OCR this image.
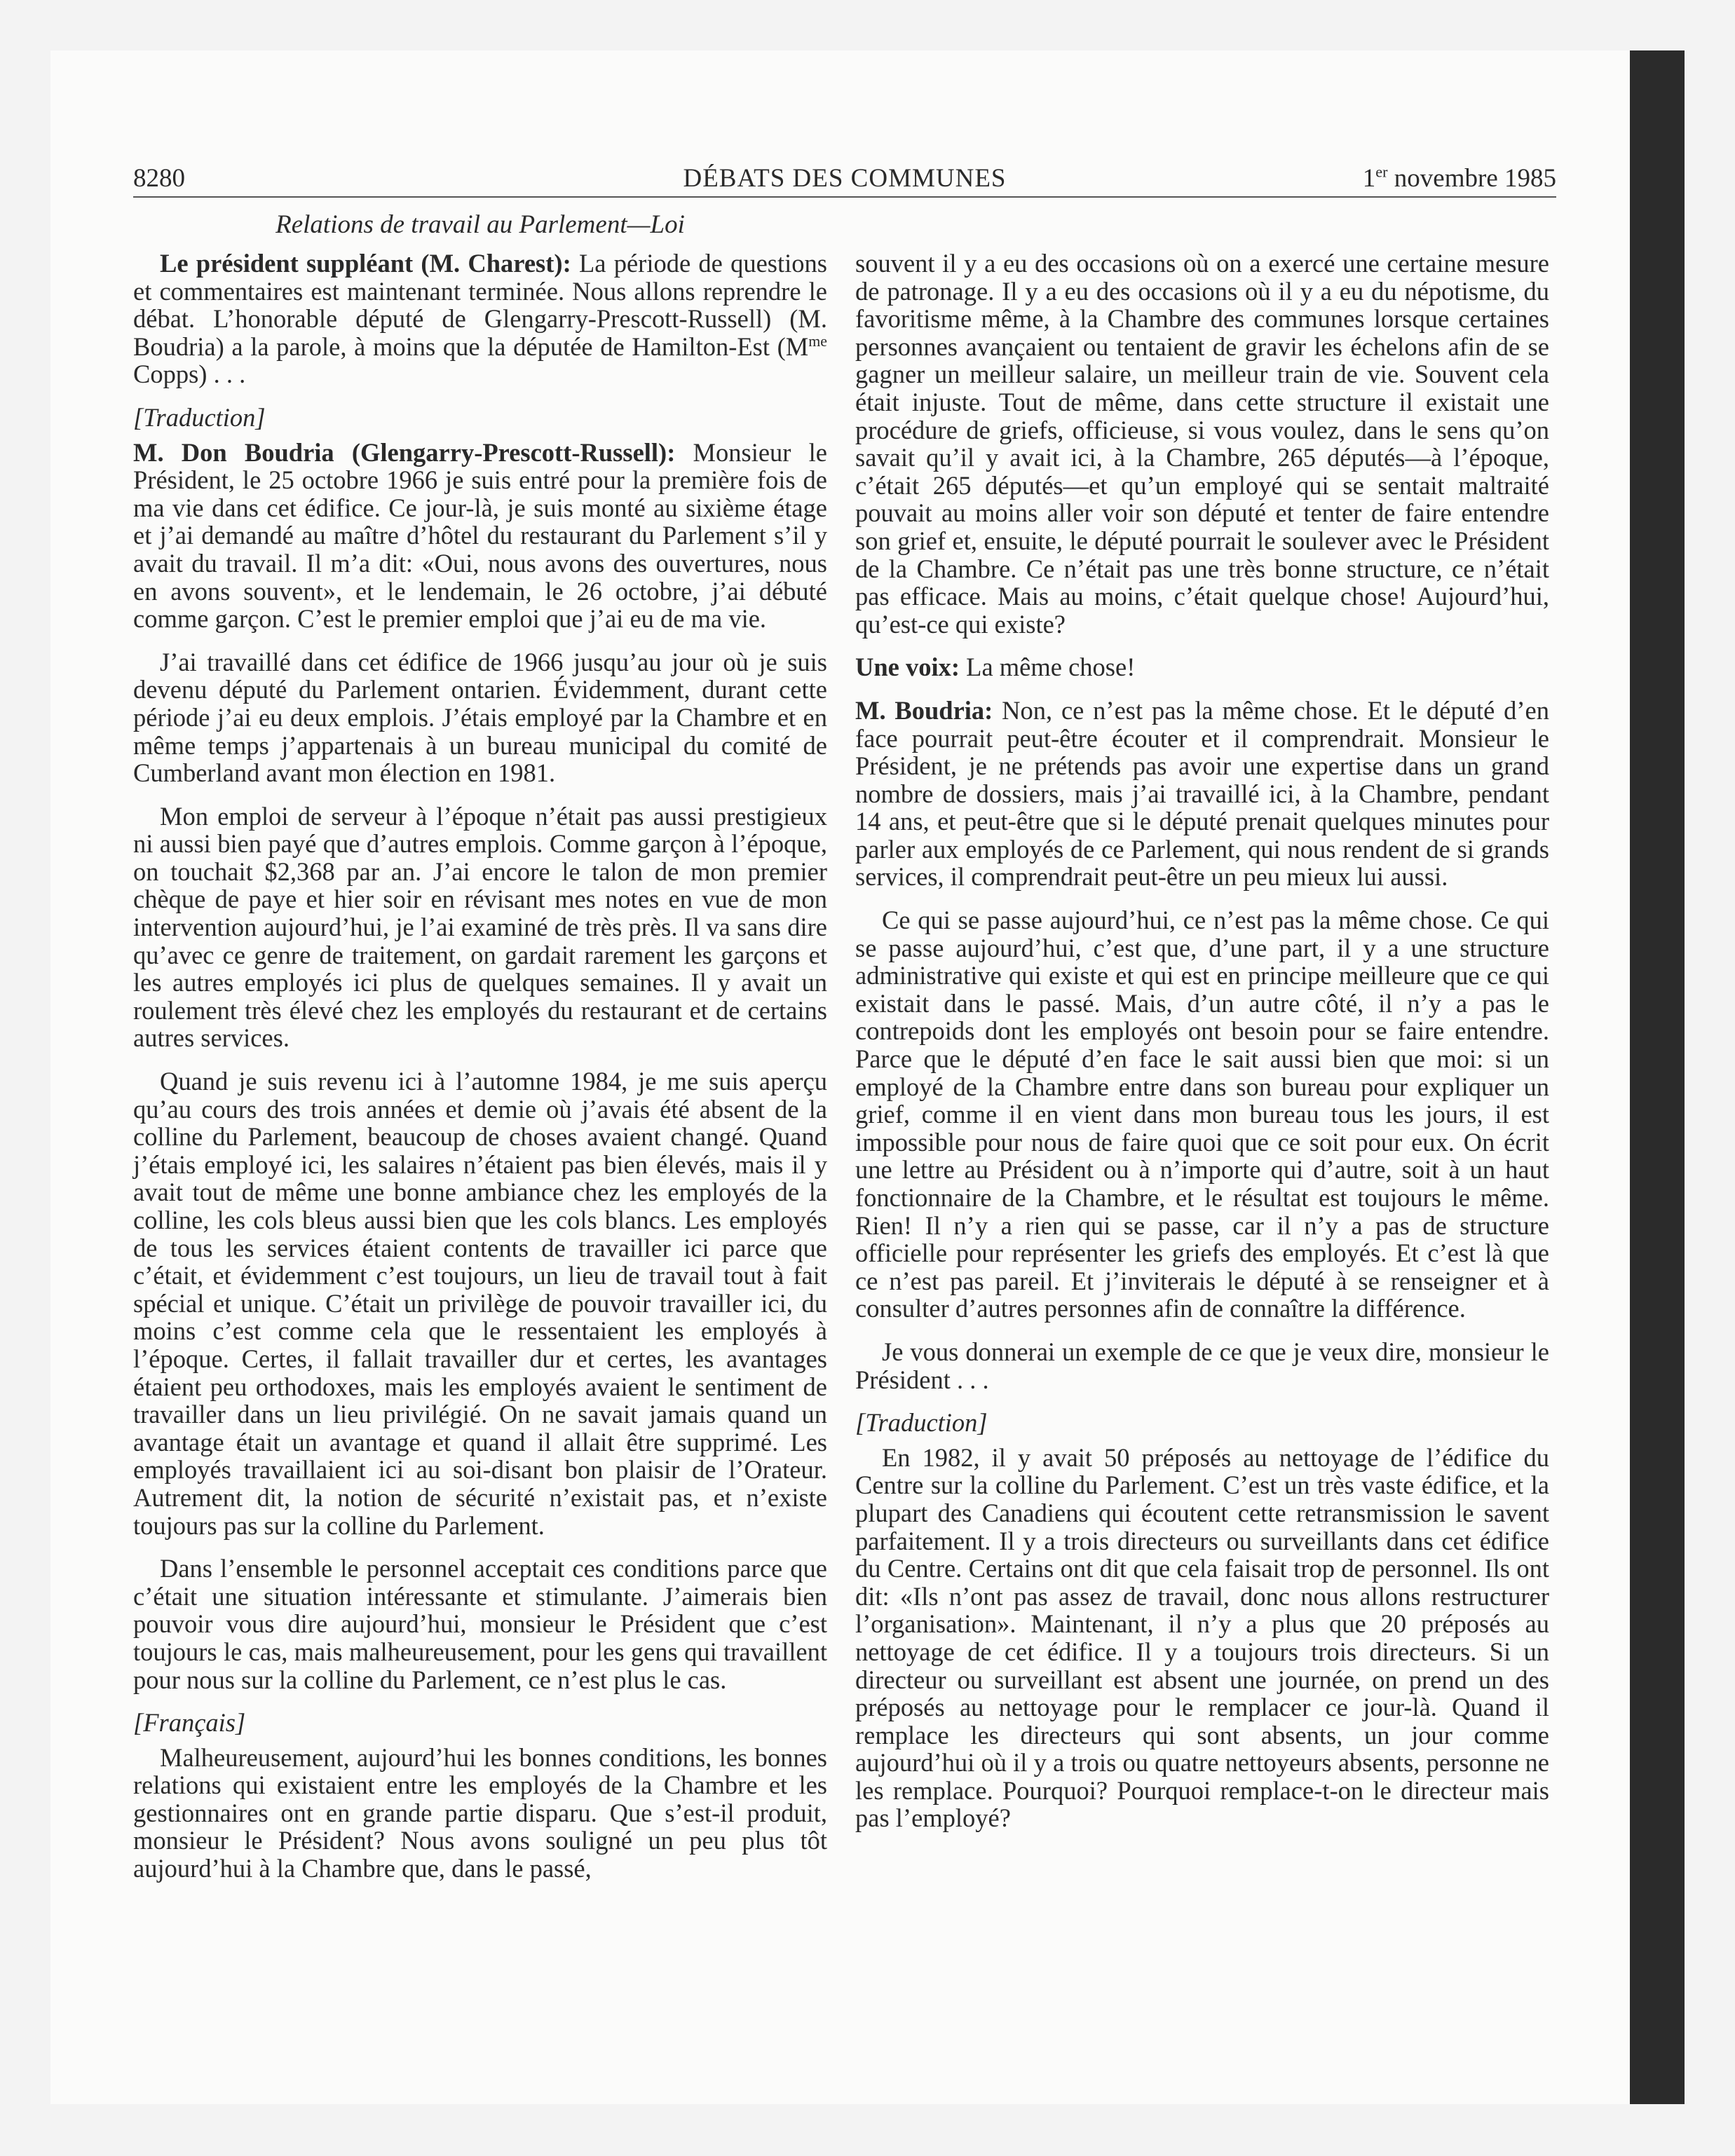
8280	DÉBATS DES COMMUNES	1er novembre 1985
Relations de travail au Parlement—Loi

Le président suppléant (M. Charest): La période de questions et commentaires est maintenant terminée. Nous allons reprendre le débat. L’honorable député de Glengarry-Prescott-Russell) (M. Boudria) a la parole, à moins que la députée de Hamilton-Est ($M^{me}$ Copps) . . .

[Traduction]

M. Don Boudria (Glengarry-Prescott-Russell): Monsieur le Président, le 25 octobre 1966 je suis entré pour la première fois de ma vie dans cet édifice. Ce jour-là, je suis monté au sixième étage et j’ai demandé au maître d’hôtel du restaurant du Parlement s’il y avait du travail. Il m’a dit: «Oui, nous avons des ouvertures, nous en avons souvent», et le lendemain, le 26 octobre, j’ai débuté comme garçon. C’est le premier emploi que j’ai eu de ma vie.

J’ai travaillé dans cet édifice de 1966 jusqu’au jour où je suis devenu député du Parlement ontarien. Évidemment, durant cette période j’ai eu deux emplois. J’étais employé par la Chambre et en même temps j’appartenais à un bureau municipal du comité de Cumberland avant mon élection en 1981.

Mon emploi de serveur à l’époque n’était pas aussi prestigieux ni aussi bien payé que d’autres emplois. Comme garçon à l’époque, on touchait $2,368 par an. J’ai encore le talon de mon premier chèque de paye et hier soir en révisant mes notes en vue de mon intervention aujourd’hui, je l’ai examiné de très près. Il va sans dire qu’avec ce genre de traitement, on gardait rarement les garçons et les autres employés ici plus de quelques semaines. Il y avait un roulement très élevé chez les employés du restaurant et de certains autres services.

Quand je suis revenu ici à l’automne 1984, je me suis aperçu qu’au cours des trois années et demie où j’avais été absent de la colline du Parlement, beaucoup de choses avaient changé. Quand j’étais employé ici, les salaires n’étaient pas bien élevés, mais il y avait tout de même une bonne ambiance chez les employés de la colline, les cols bleus aussi bien que les cols blancs. Les employés de tous les services étaient contents de travailler ici parce que c’était, et évidemment c’est toujours, un lieu de travail tout à fait spécial et unique. C’était un privilège de pouvoir travailler ici, du moins c’est comme cela que le ressentaient les employés à l’époque. Certes, il fallait travailler dur et certes, les avantages étaient peu orthodoxes, mais les employés avaient le sentiment de travailler dans un lieu privilégié. On ne savait jamais quand un avantage était un avantage et quand il allait être supprimé. Les employés travaillaient ici au soi-disant bon plaisir de l’Orateur. Autrement dit, la notion de sécurité n’existait pas, et n’existe toujours pas sur la colline du Parlement.

Dans l’ensemble le personnel acceptait ces conditions parce que c’était une situation intéressante et stimulante. J’aimerais bien pouvoir vous dire aujourd’hui, monsieur le Président que c’est toujours le cas, mais malheureusement, pour les gens qui travaillent pour nous sur la colline du Parlement, ce n’est plus le cas.

[Français]

Malheureusement, aujourd’hui les bonnes conditions, les bonnes relations qui existaient entre les employés de la Chambre et les gestionnaires ont en grande partie disparu. Que s’est-il produit, monsieur le Président? Nous avons souligné un peu plus tôt aujourd’hui à la Chambre que, dans le passé,

souvent il y a eu des occasions où on a exercé une certaine mesure de patronage. Il y a eu des occasions où il y a eu du népotisme, du favoritisme même, à la Chambre des communes lorsque certaines personnes avançaient ou tentaient de gravir les échelons afin de se gagner un meilleur salaire, un meilleur train de vie. Souvent cela était injuste. Tout de même, dans cette structure il existait une procédure de griefs, officieuse, si vous voulez, dans le sens qu’on savait qu’il y avait ici, à la Chambre, 265 députés—à l’époque, c’était 265 députés—et qu’un employé qui se sentait maltraité pouvait au moins aller voir son député et tenter de faire entendre son grief et, ensuite, le député pourrait le soulever avec le Président de la Chambre. Ce n’était pas une très bonne structure, ce n’était pas efficace. Mais au moins, c’était quelque chose! Aujourd’hui, qu’est-ce qui existe?

Une voix: La même chose!

M. Boudria: Non, ce n’est pas la même chose. Et le député d’en face pourrait peut-être écouter et il comprendrait. Monsieur le Président, je ne prétends pas avoir une expertise dans un grand nombre de dossiers, mais j’ai travaillé ici, à la Chambre, pendant 14 ans, et peut-être que si le député prenait quelques minutes pour parler aux employés de ce Parlement, qui nous rendent de si grands services, il comprendrait peut-être un peu mieux lui aussi.

Ce qui se passe aujourd’hui, ce n’est pas la même chose. Ce qui se passe aujourd’hui, c’est que, d’une part, il y a une structure administrative qui existe et qui est en principe meilleure que ce qui existait dans le passé. Mais, d’un autre côté, il n’y a pas le contrepoids dont les employés ont besoin pour se faire entendre. Parce que le député d’en face le sait aussi bien que moi: si un employé de la Chambre entre dans son bureau pour expliquer un grief, comme il en vient dans mon bureau tous les jours, il est impossible pour nous de faire quoi que ce soit pour eux. On écrit une lettre au Président ou à n’importe qui d’autre, soit à un haut fonctionnaire de la Chambre, et le résultat est toujours le même. Rien! Il n’y a rien qui se passe, car il n’y a pas de structure officielle pour représenter les griefs des employés. Et c’est là que ce n’est pas pareil. Et j’inviterais le député à se renseigner et à consulter d’autres personnes afin de connaître la différence.

Je vous donnerai un exemple de ce que je veux dire, monsieur le Président . . .

[Traduction]

En 1982, il y avait 50 préposés au nettoyage de l’édifice du Centre sur la colline du Parlement. C’est un très vaste édifice, et la plupart des Canadiens qui écoutent cette retransmission le savent parfaitement. Il y a trois directeurs ou surveillants dans cet édifice du Centre. Certains ont dit que cela faisait trop de personnel. Ils ont dit: «Ils n’ont pas assez de travail, donc nous allons restructurer l’organisation». Maintenant, il n’y a plus que 20 préposés au nettoyage de cet édifice. Il y a toujours trois directeurs. Si un directeur ou surveillant est absent une journée, on prend un des préposés au nettoyage pour le remplacer ce jour-là. Quand il remplace les directeurs qui sont absents, un jour comme aujourd’hui où il y a trois ou quatre nettoyeurs absents, personne ne les remplace. Pourquoi? Pourquoi remplace-t-on le directeur mais pas l’employé?
